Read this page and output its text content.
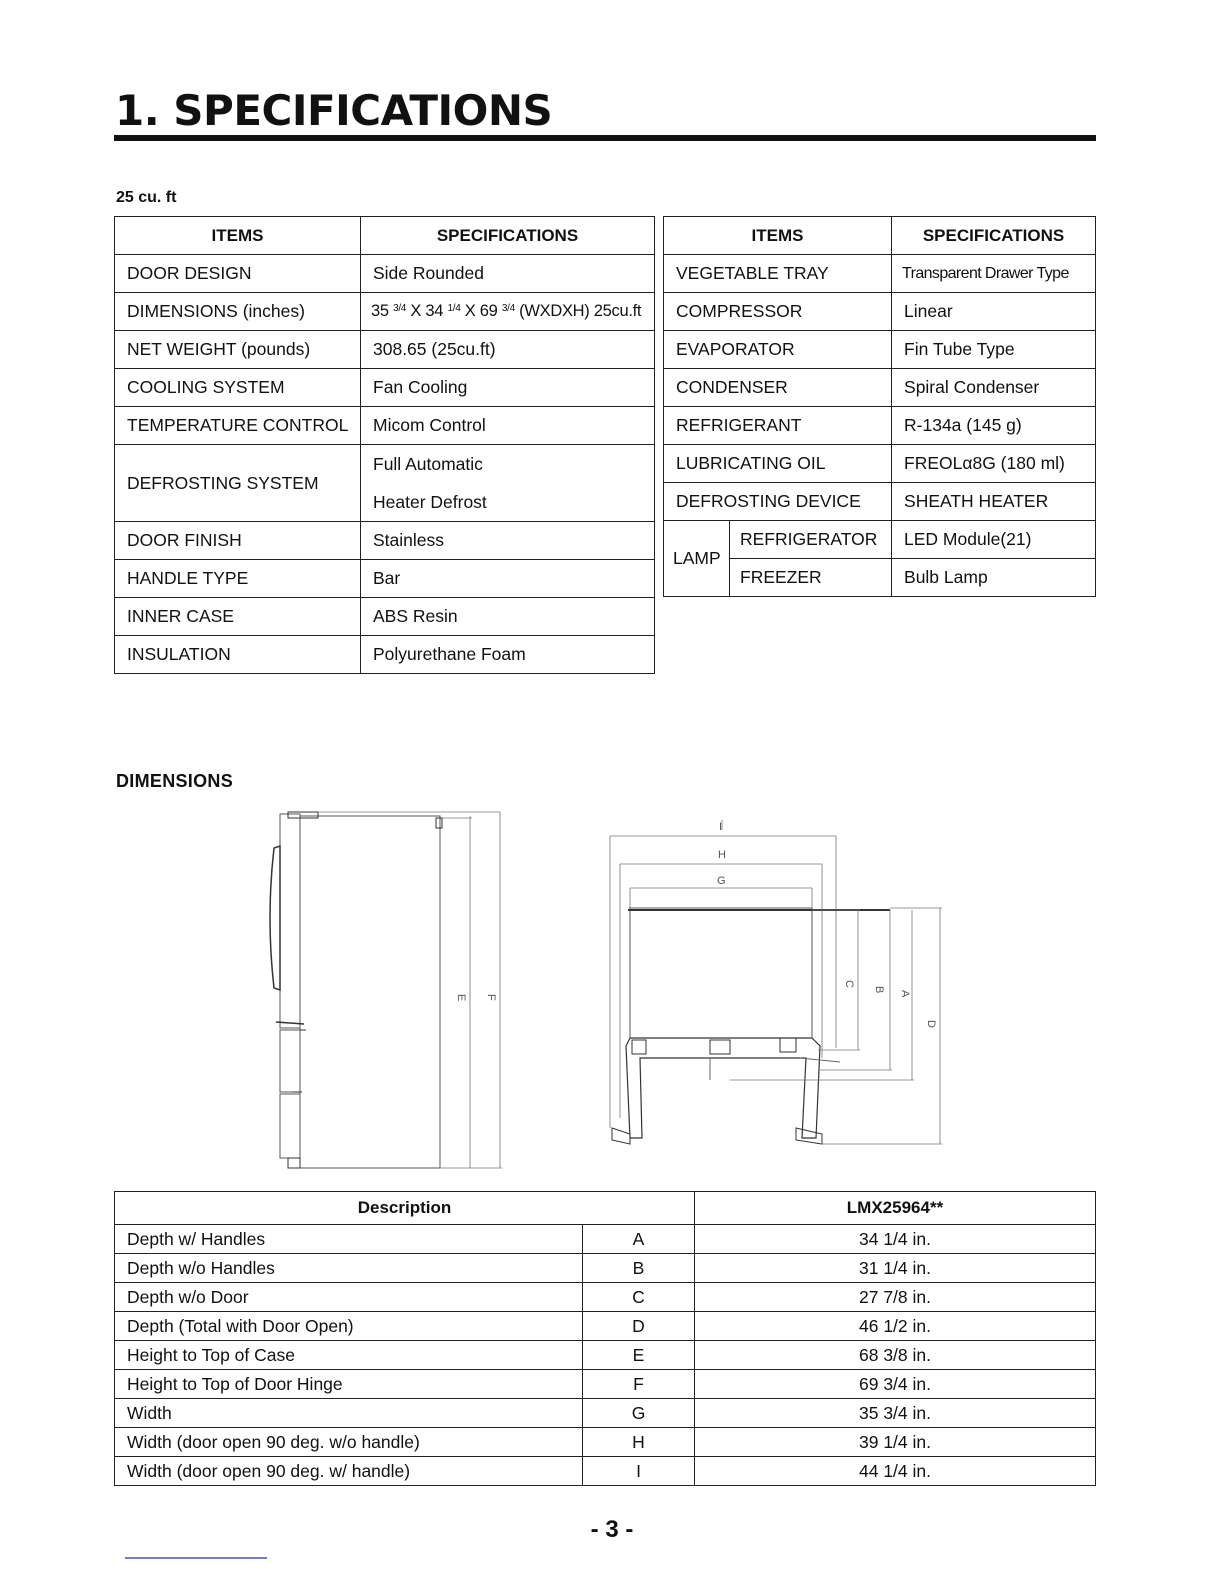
1. SPECIFICATIONS
25 cu. ft
ITEMS	SPECIFICATIONS
DOOR DESIGN	Side Rounded
DIMENSIONS (inches)	35 $^{3/4}$ X 34 $^{1/4}$ X 69 $^{3/4}$ (WXDXH) 25cu.ft
NET WEIGHT (pounds)	308.65 (25cu.ft)
COOLING SYSTEM	Fan Cooling
TEMPERATURE CONTROL	Micom Control
DEFROSTING SYSTEM	Full Automatic
Heater Defrost

DOOR FINISH	Stainless
HANDLE TYPE	Bar
INNER CASE	ABS Resin
INSULATION	Polyurethane Foam
ITEMS		SPECIFICATIONS
VEGETABLE TRAY		Transparent Drawer Type
COMPRESSOR		Linear
EVAPORATOR		Fin Tube Type
CONDENSER		Spiral Condenser
REFRIGERANT		R-134a (145 g)
LUBRICATING OIL		FREOLα8G (180 ml)
DEFROSTING DEVICE		SHEATH HEATER
LAMP	REFRIGERATOR	LED Module(21)
	FREEZER	Bulb Lamp
DIMENSIONS
E F
I
H
G
C
B
A
D
Description		LMX25964**
Depth w/ Handles	A	34 1/4 in.
Depth w/o Handles	B	31 1/4 in.
Depth w/o Door	C	27 7/8 in.
Depth (Total with Door Open)	D	46 1/2 in.
Height to Top of Case	E	68 3/8 in.
Height to Top of Door Hinge	F	69 3/4 in.
Width	G	35 3/4 in.
Width (door open 90 deg. w/o handle)	H	39 1/4 in.
Width (door open 90 deg. w/ handle)	I	44 1/4 in.
- 3 -
